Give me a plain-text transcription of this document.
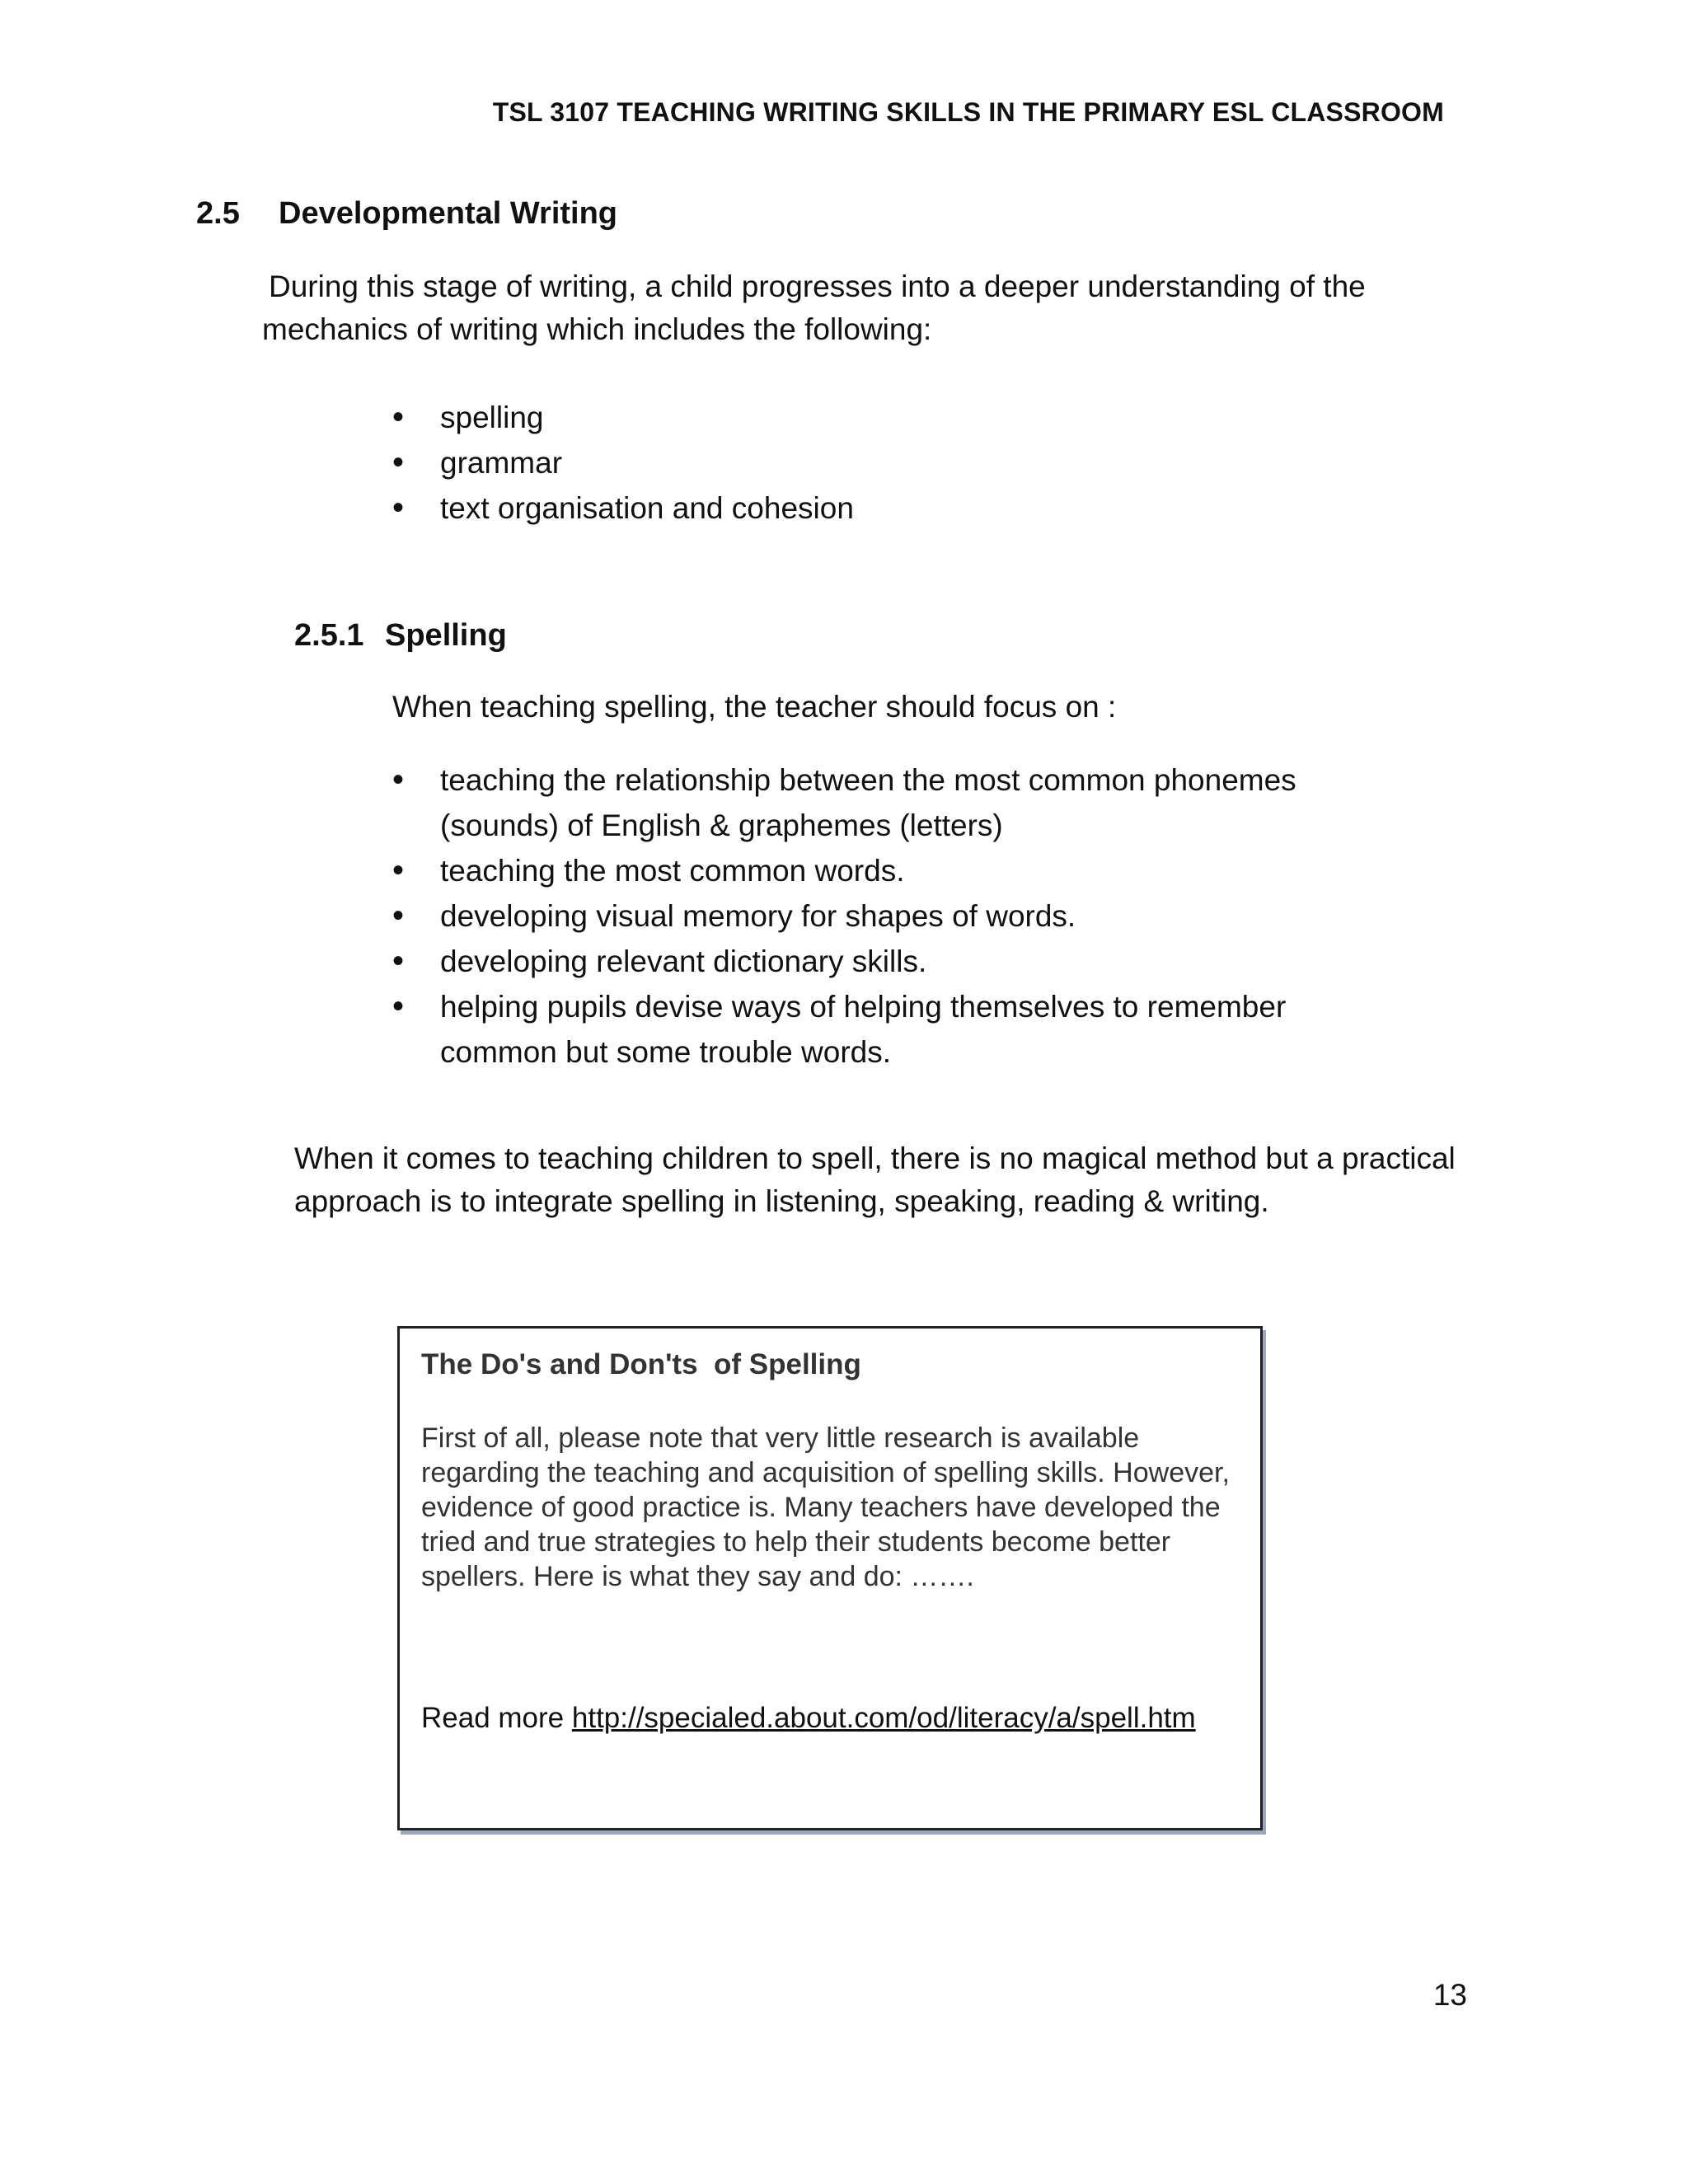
TSL 3107 TEACHING WRITING SKILLS IN THE PRIMARY ESL CLASSROOM
2.5 Developmental Writing
During this stage of writing, a child progresses into a deeper understanding of the mechanics of writing which includes the following:
• spelling
• grammar
• text organisation and cohesion
2.5.1 Spelling
When teaching spelling, the teacher should focus on :
• teaching the relationship between the most common phonemes (sounds) of English & graphemes (letters)
• teaching the most common words.
• developing visual memory for shapes of words.
• developing relevant dictionary skills.
• helping pupils devise ways of helping themselves to remember common but some trouble words.
When it comes to teaching children to spell, there is no magical method but a practical approach is to integrate spelling in listening, speaking, reading & writing.
The Do's and Don'ts  of Spelling
First of all, please note that very little research is available regarding the teaching and acquisition of spelling skills. However, evidence of good practice is. Many teachers have developed the tried and true strategies to help their students become better spellers. Here is what they say and do: …….
Read more http://specialed.about.com/od/literacy/a/spell.htm
13
